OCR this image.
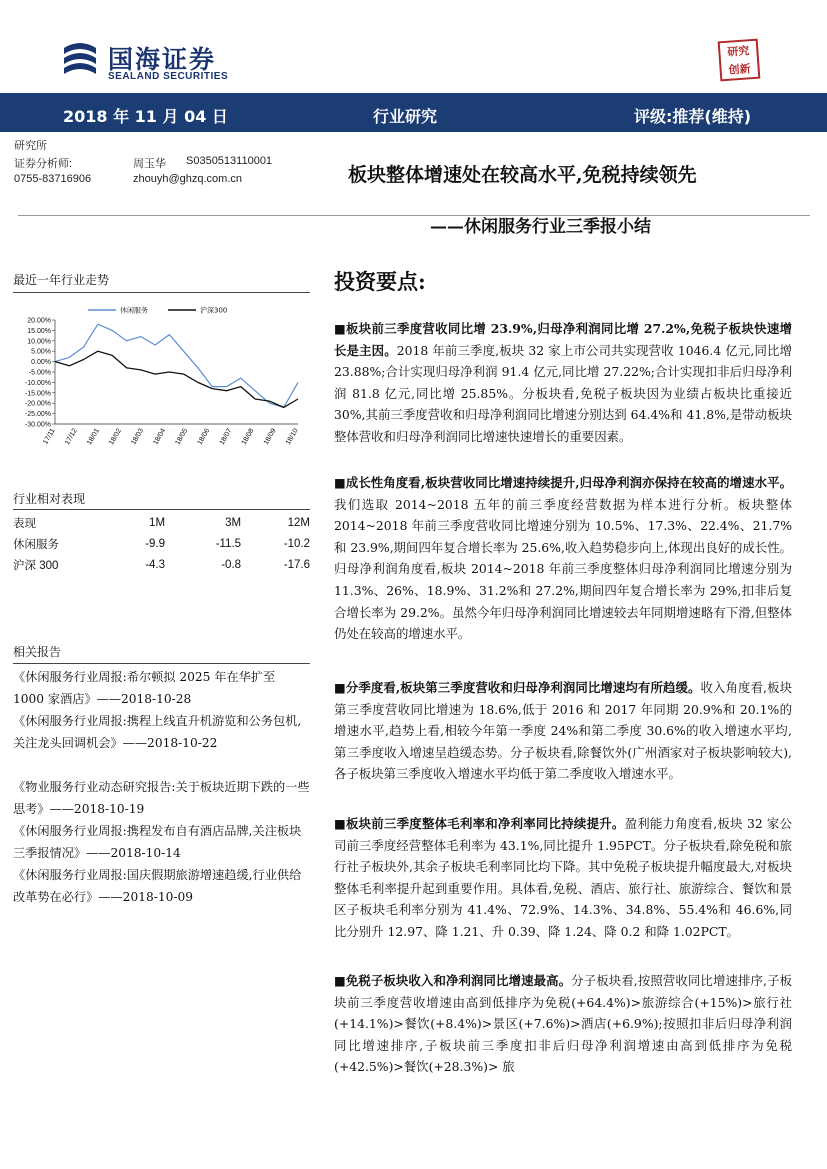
国海证券
SEALAND SECURITIES
研究
创新
2018 年 11 月 04 日	行业研究	评级:推荐(维持)
研究所
证券分析师:	周玉华 S0350513110001
0755-83716906	zhouyh@ghzq.com.cn	板块整体增速处在较高水平,免税持续领先
——休闲服务行业三季报小结
最近一年行业走势
20.00%
15.00%
10.00%
5.00%
0.00%
-5.00%
-10.00%
-15.00%
-20.00%
-25.00%
-30.00%
17/11 17/12 18/01 18/02 18/03 18/04 18/05 18/06 18/07 18/08 18/09 18/10
休闲服务	沪深300
行业相对表现
表现	1M	3M	12M
休闲服务	-9.9	-11.5	-10.2
沪深 300	-4.3	-0.8	-17.6
相关报告
《休闲服务行业周报:希尔顿拟 2025 年在华扩至 1000 家酒店》——2018-10-28
《休闲服务行业周报:携程上线直升机游览和公务包机,关注龙头回调机会》——2018-10-22
《物业服务行业动态研究报告:关于板块近期下跌的一些思考》——2018-10-19
《休闲服务行业周报:携程发布自有酒店品牌,关注板块三季报情况》——2018-10-14
《休闲服务行业周报:国庆假期旅游增速趋缓,行业供给改革势在必行》——2018-10-09
投资要点:
■板块前三季度营收同比增 23.9%,归母净利润同比增 27.2%,免税子板块快速增长是主因。2018 年前三季度,板块 32 家上市公司共实现营收 1046.4 亿元,同比增 23.88%;合计实现归母净利润 91.4 亿元,同比增 27.22%;合计实现扣非后归母净利润 81.8 亿元,同比增 25.85%。分板块看,免税子板块因为业绩占板块比重接近 30%,其前三季度营收和归母净利润同比增速分别达到 64.4%和 41.8%,是带动板块整体营收和归母净利润同比增速快速增长的重要因素。
■成长性角度看,板块营收同比增速持续提升,归母净利润亦保持在较高的增速水平。我们选取 2014~2018 五年的前三季度经营数据为样本进行分析。板块整体 2014~2018 年前三季度营收同比增速分别为 10.5%、17.3%、22.4%、21.7%和 23.9%,期间四年复合增长率为 25.6%,收入趋势稳步向上,体现出良好的成长性。归母净利润角度看,板块 2014~2018 年前三季度整体归母净利润同比增速分别为 11.3%、26%、18.9%、31.2%和 27.2%,期间四年复合增长率为 29%,扣非后复合增长率为 29.2%。虽然今年归母净利润同比增速较去年同期增速略有下滑,但整体仍处在较高的增速水平。
■分季度看,板块第三季度营收和归母净利润同比增速均有所趋缓。收入角度看,板块第三季度营收同比增速为 18.6%,低于 2016 和 2017 年同期 20.9%和 20.1%的增速水平,趋势上看,相较今年第一季度 24%和第二季度 30.6%的收入增速水平均,第三季度收入增速呈趋缓态势。分子板块看,除餐饮外(广州酒家对子板块影响较大),各子板块第三季度收入增速水平均低于第二季度收入增速水平。
■板块前三季度整体毛利率和净利率同比持续提升。盈利能力角度看,板块 32 家公司前三季度经营整体毛利率为 43.1%,同比提升 1.95PCT。分子板块看,除免税和旅行社子板块外,其余子板块毛利率同比均下降。其中免税子板块提升幅度最大,对板块整体毛利率提升起到重要作用。具体看,免税、酒店、旅行社、旅游综合、餐饮和景区子板块毛利率分别为 41.4%、72.9%、14.3%、34.8%、55.4%和 46.6%,同比分别升 12.97、降 1.21、升 0.39、降 1.24、降 0.2 和降 1.02PCT。
■免税子板块收入和净利润同比增速最高。分子板块看,按照营收同比增速排序,子板块前三季度营收增速由高到低排序为免税(+64.4%)>旅游综合(+15%)>旅行社(+14.1%)>餐饮(+8.4%)>景区(+7.6%)>酒店(+6.9%);按照扣非后归母净利润同比增速排序,子板块前三季度扣非后归母净利润增速由高到低排序为免税(+42.5%)>餐饮(+28.3%)> 旅
